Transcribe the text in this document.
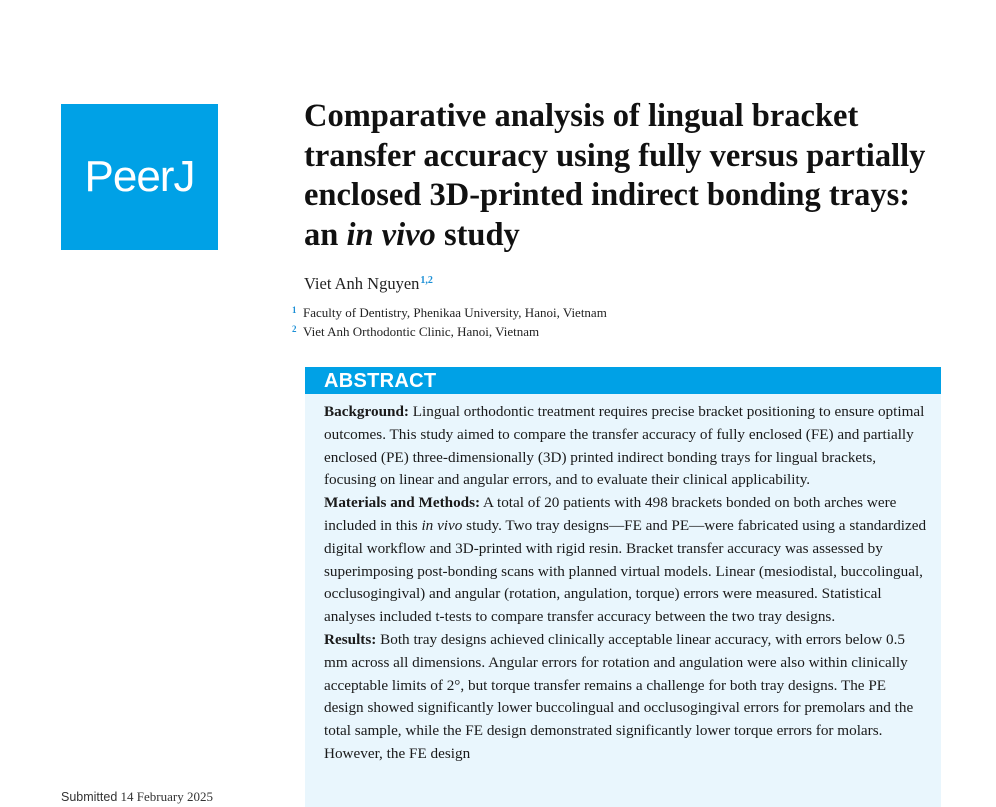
PeerJ
Comparative analysis of lingual bracket transfer accuracy using fully versus partially enclosed 3D-printed indirect bonding trays: an in vivo study
Viet Anh Nguyen$^{1,2}$
1 Faculty of Dentistry, Phenikaa University, Hanoi, Vietnam
2 Viet Anh Orthodontic Clinic, Hanoi, Vietnam
ABSTRACT

Background: Lingual orthodontic treatment requires precise bracket positioning to ensure optimal outcomes. This study aimed to compare the transfer accuracy of fully enclosed (FE) and partially enclosed (PE) three-dimensionally (3D) printed indirect bonding trays for lingual brackets, focusing on linear and angular errors, and to evaluate their clinical applicability.

Materials and Methods: A total of 20 patients with 498 brackets bonded on both arches were included in this in vivo study. Two tray designs—FE and PE—were fabricated using a standardized digital workflow and 3D-printed with rigid resin. Bracket transfer accuracy was assessed by superimposing post-bonding scans with planned virtual models. Linear (mesiodistal, buccolingual, occlusogingival) and angular (rotation, angulation, torque) errors were measured. Statistical analyses included t-tests to compare transfer accuracy between the two tray designs.

Results: Both tray designs achieved clinically acceptable linear accuracy, with errors below 0.5 mm across all dimensions. Angular errors for rotation and angulation were also within clinically acceptable limits of 2°, but torque transfer remains a challenge for both tray designs. The PE design showed significantly lower buccolingual and occlusogingival errors for premolars and the total sample, while the FE design demonstrated significantly lower torque errors for molars. However, the FE design

Submitted 14 February 2025
